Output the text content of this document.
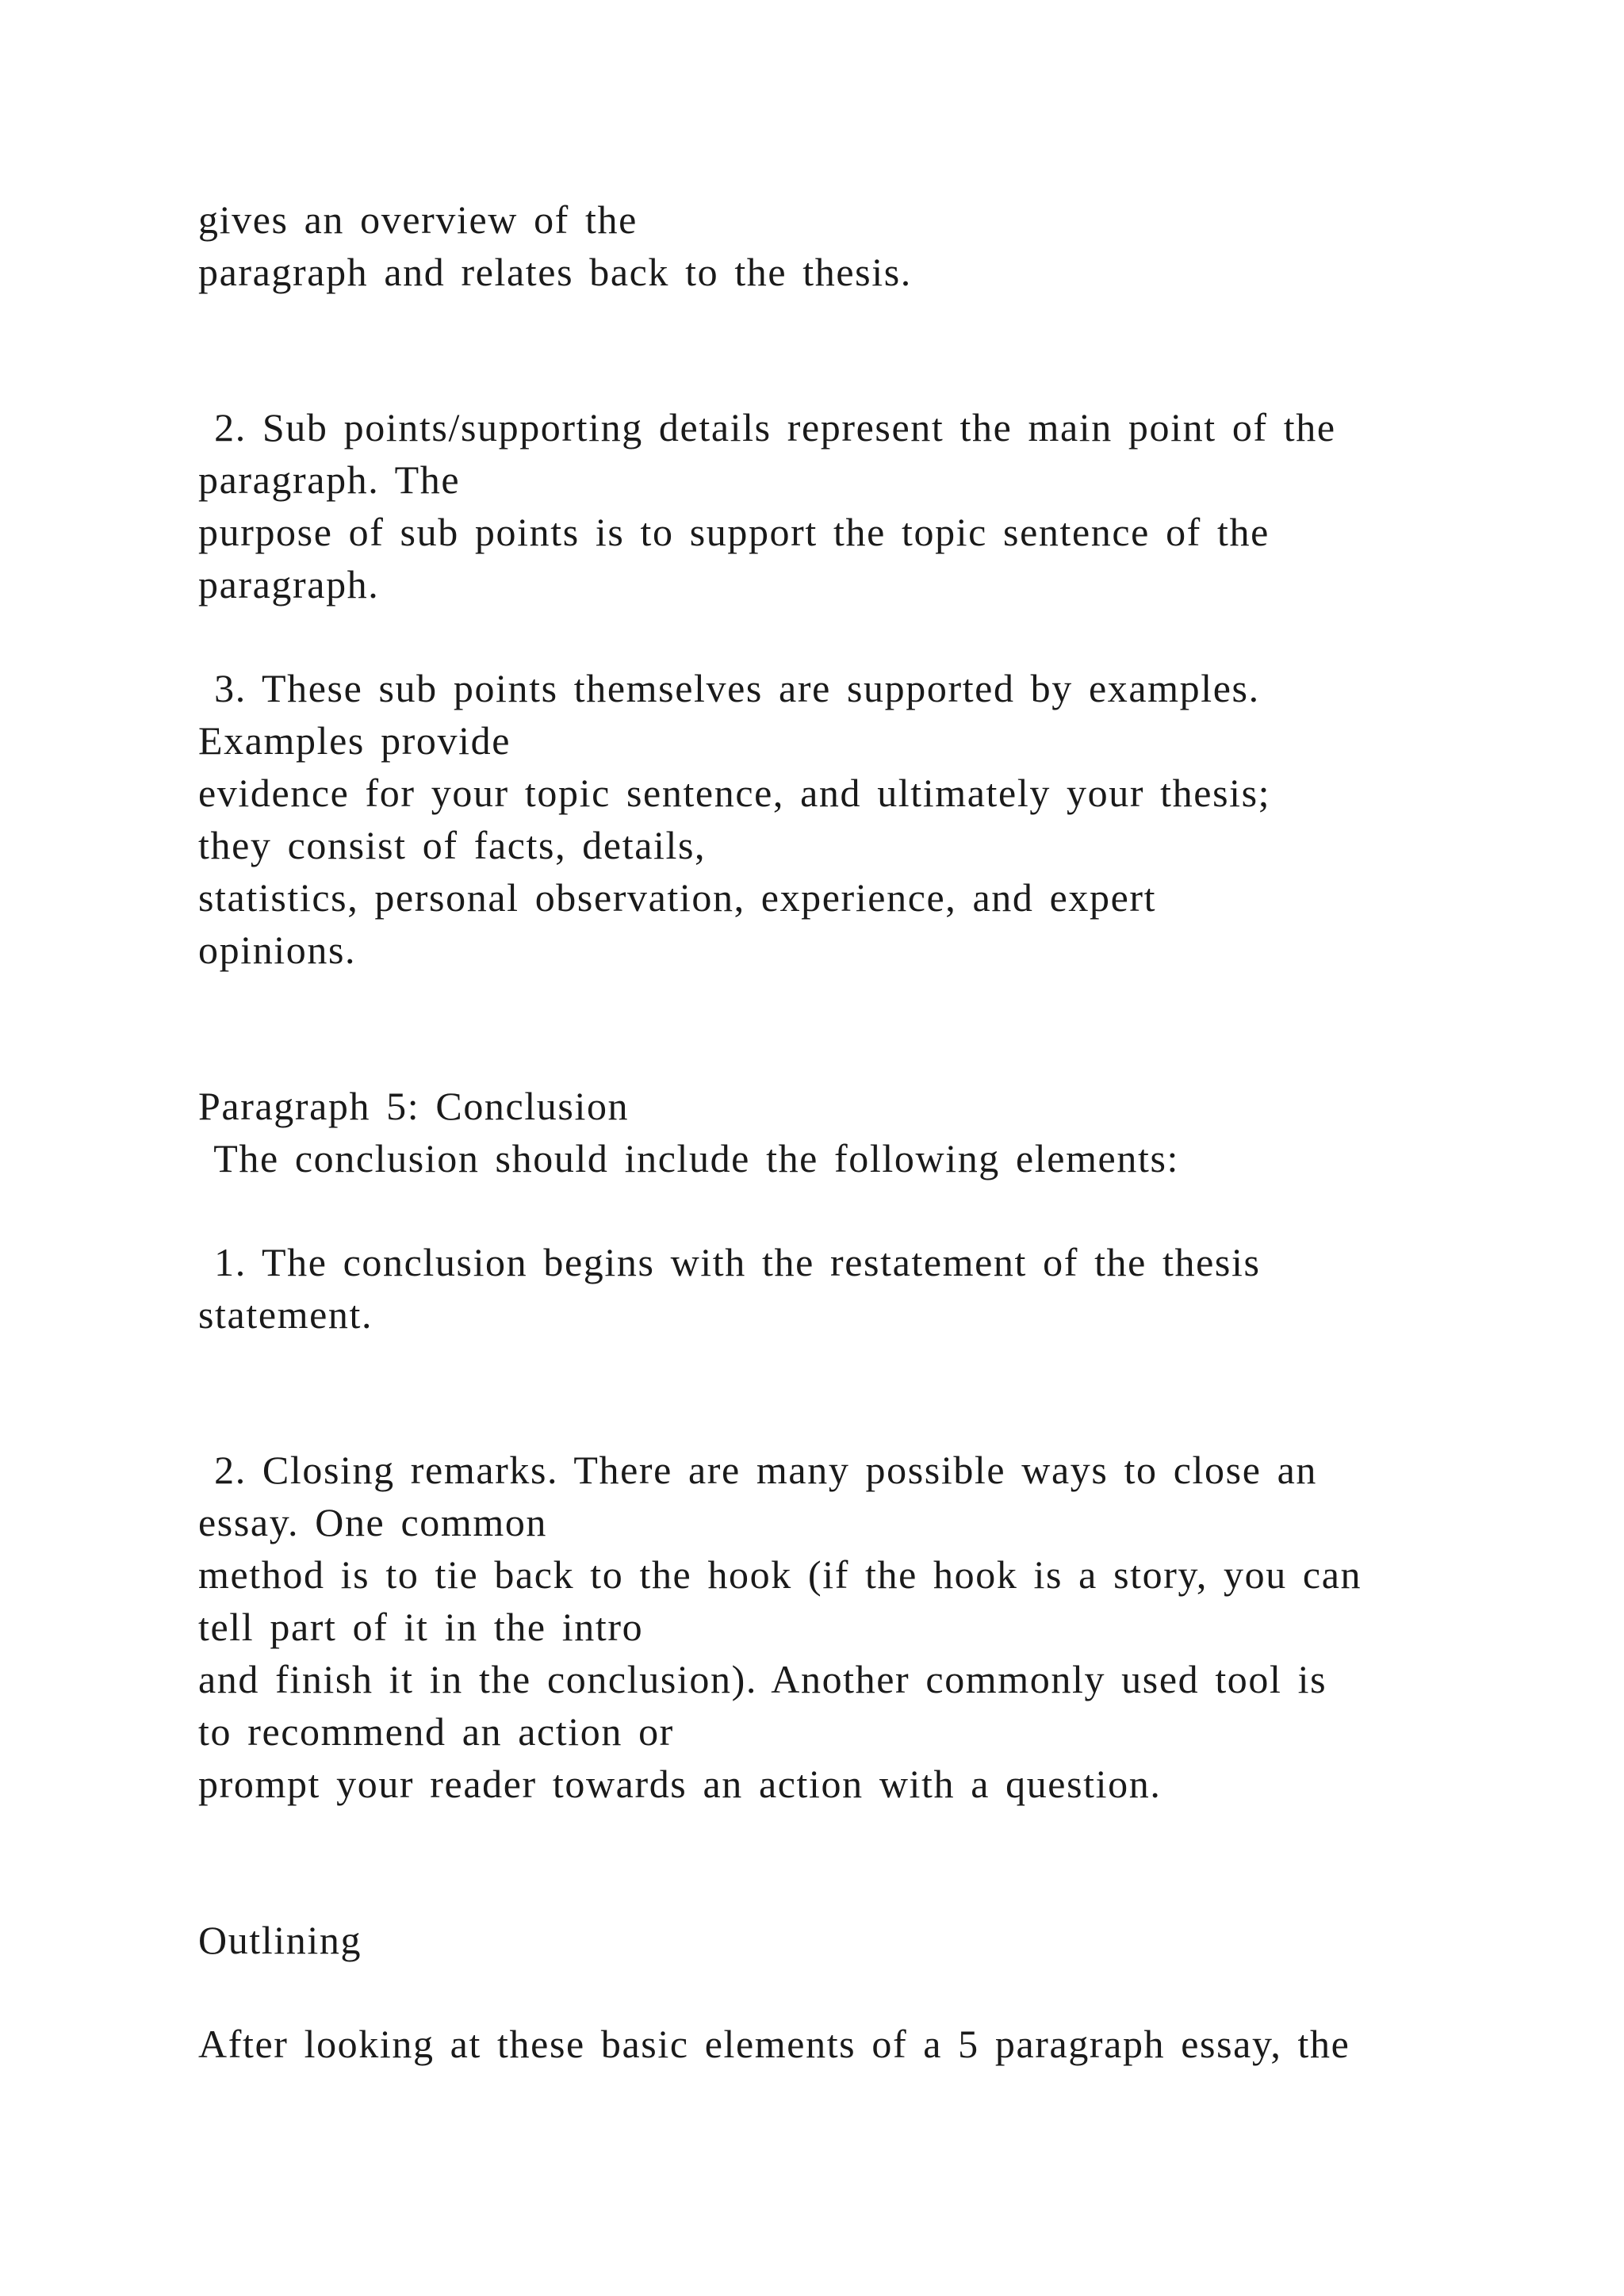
gives an overview of the
paragraph and relates back to the thesis.
2. Sub points/supporting details represent the main point of the
paragraph. The
purpose of sub points is to support the topic sentence of the
paragraph.
3. These sub points themselves are supported by examples.
Examples provide
evidence for your topic sentence, and ultimately your thesis;
they consist of facts, details,
statistics, personal observation, experience, and expert
opinions.
Paragraph 5: Conclusion
The conclusion should include the following elements:
1. The conclusion begins with the restatement of the thesis
statement.
2. Closing remarks. There are many possible ways to close an
essay. One common
method is to tie back to the hook (if the hook is a story, you can
tell part of it in the intro
and finish it in the conclusion). Another commonly used tool is
to recommend an action or
prompt your reader towards an action with a question.
Outlining
After looking at these basic elements of a 5 paragraph essay, the
